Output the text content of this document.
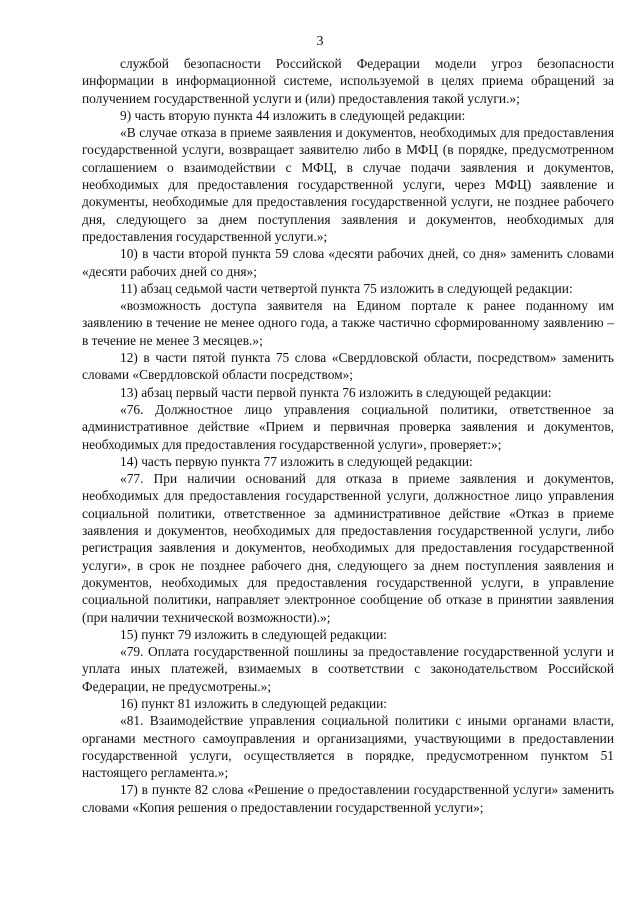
3

службой безопасности Российской Федерации модели угроз безопасности информации в информационной системе, используемой в целях приема обращений за получением государственной услуги и (или) предоставления такой услуги.»;

9) часть вторую пункта 44 изложить в следующей редакции:

«В случае отказа в приеме заявления и документов, необходимых для предоставления государственной услуги, возвращает заявителю либо в МФЦ (в порядке, предусмотренном соглашением о взаимодействии с МФЦ, в случае подачи заявления и документов, необходимых для предоставления государственной услуги, через МФЦ) заявление и документы, необходимые для предоставления государственной услуги, не позднее рабочего дня, следующего за днем поступления заявления и документов, необходимых для предоставления государственной услуги.»;

10) в части второй пункта 59 слова «десяти рабочих дней, со дня» заменить словами «десяти рабочих дней со дня»;

11) абзац седьмой части четвертой пункта 75 изложить в следующей редакции:

«возможность доступа заявителя на Едином портале к ранее поданному им заявлению в течение не менее одного года, а также частично сформированному заявлению – в течение не менее 3 месяцев.»;

12) в части пятой пункта 75 слова «Свердловской области, посредством» заменить словами «Свердловской области посредством»;

13) абзац первый части первой пункта 76 изложить в следующей редакции:

«76. Должностное лицо управления социальной политики, ответственное за административное действие «Прием и первичная проверка заявления и документов, необходимых для предоставления государственной услуги», проверяет:»;

14) часть первую пункта 77 изложить в следующей редакции:

«77. При наличии оснований для отказа в приеме заявления и документов, необходимых для предоставления государственной услуги, должностное лицо управления социальной политики, ответственное за административное действие «Отказ в приеме заявления и документов, необходимых для предоставления государственной услуги, либо регистрация заявления и документов, необходимых для предоставления государственной услуги», в срок не позднее рабочего дня, следующего за днем поступления заявления и документов, необходимых для предоставления государственной услуги, в управление социальной политики, направляет электронное сообщение об отказе в принятии заявления (при наличии технической возможности).»;

15) пункт 79 изложить в следующей редакции:

«79. Оплата государственной пошлины за предоставление государственной услуги и уплата иных платежей, взимаемых в соответствии с законодательством Российской Федерации, не предусмотрены.»;

16) пункт 81 изложить в следующей редакции:

«81. Взаимодействие управления социальной политики с иными органами власти, органами местного самоуправления и организациями, участвующими в предоставлении государственной услуги, осуществляется в порядке, предусмотренном пунктом 51 настоящего регламента.»;

17) в пункте 82 слова «Решение о предоставлении государственной услуги» заменить словами «Копия решения о предоставлении государственной услуги»;
